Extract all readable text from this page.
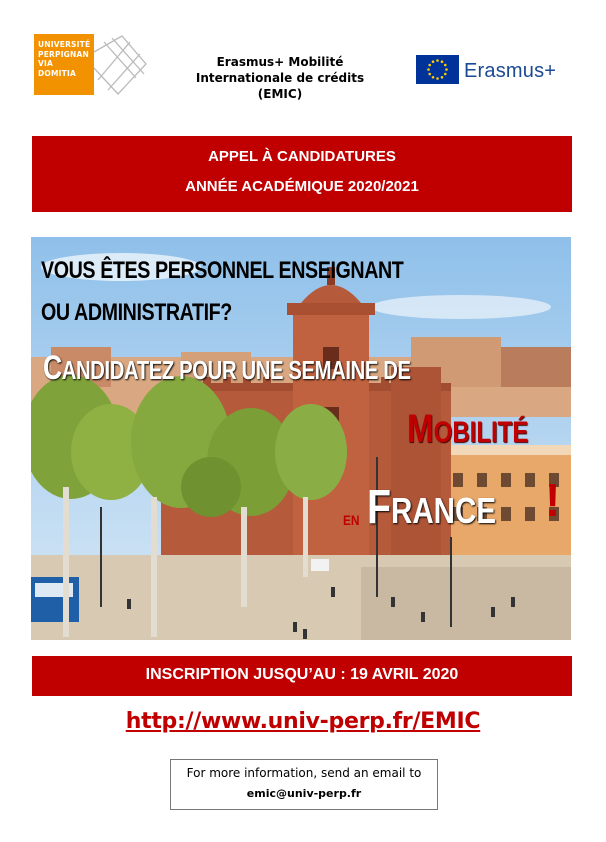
UNIVERSITÉ
PERPIGNAN
VIA
DOMITIA
Erasmus+ Mobilité
Internationale de crédits
(EMIC)
Erasmus+
APPEL À CANDIDATURES
ANNÉE ACADÉMIQUE 2020/2021
VOUS ÊTES PERSONNEL ENSEIGNANT
OU ADMINISTRATIF?
CANDIDATEZ POUR UNE SEMAINE DE
MOBILITÉ
EN FRANCE !
INSCRIPTION JUSQU’AU : 19 AVRIL 2020
http://www.univ-perp.fr/EMIC
For more information, send an email to
emic@univ-perp.fr
